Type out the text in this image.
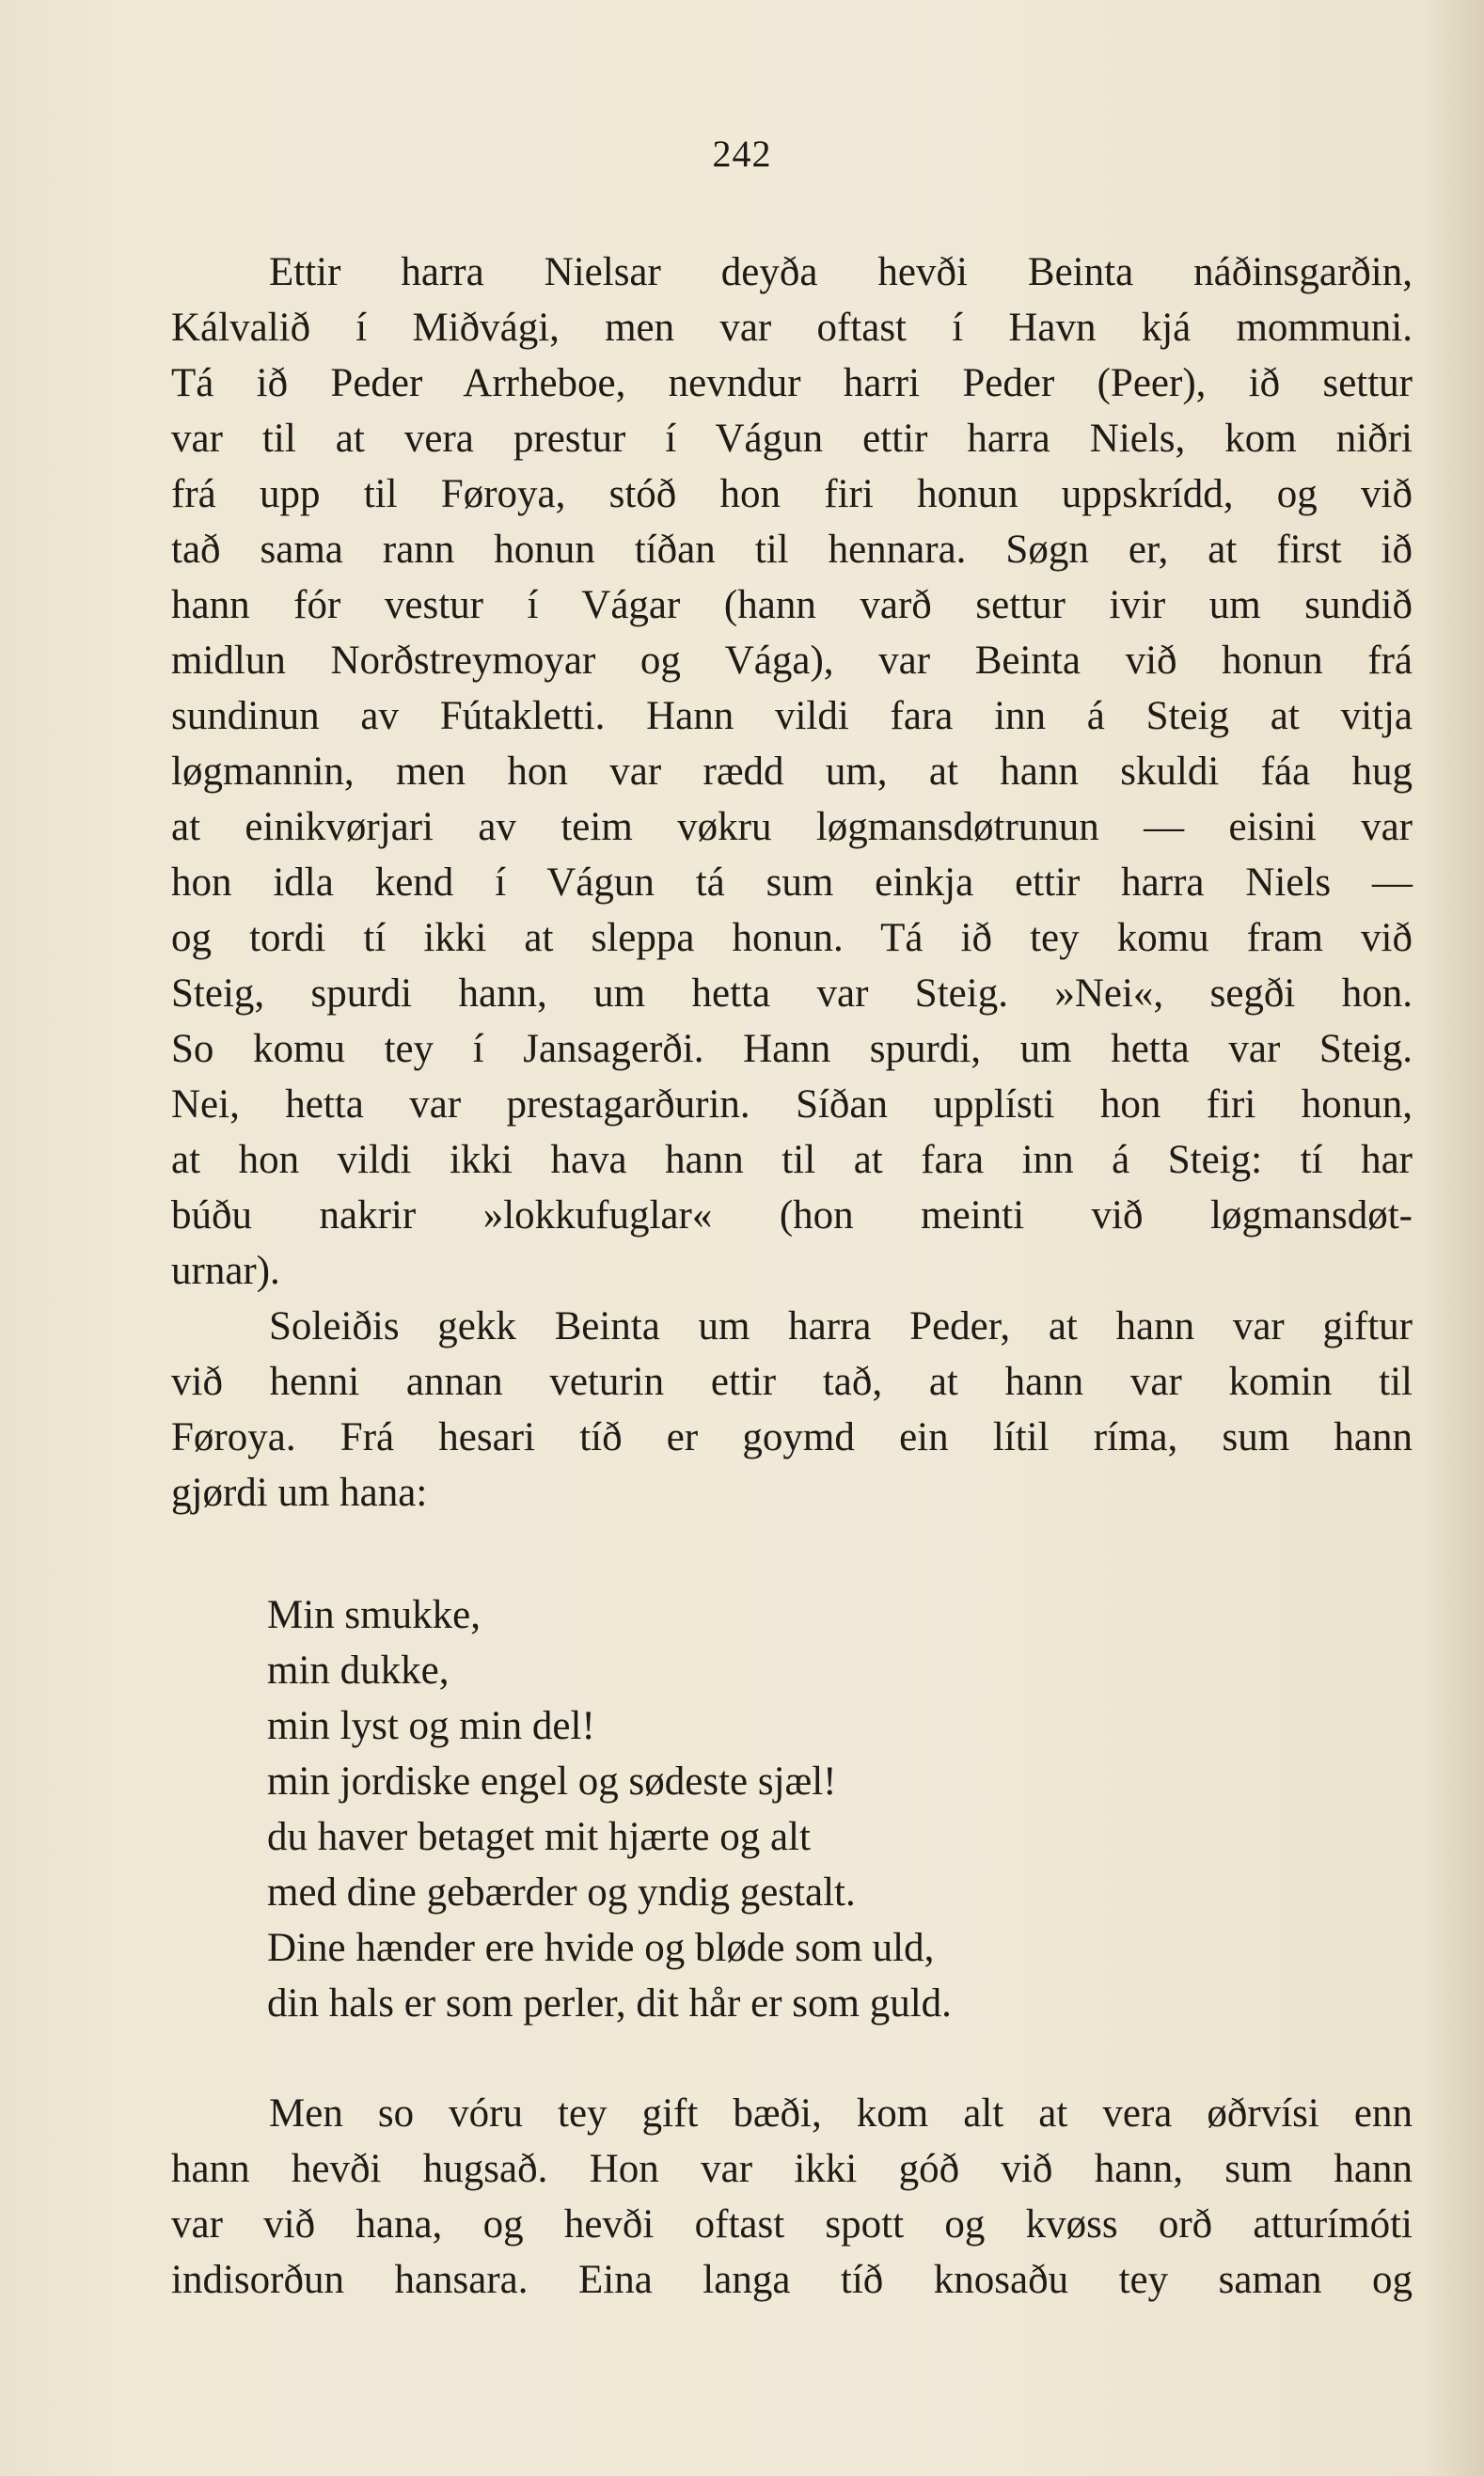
242
Ettir harra Nielsar deyða hevði Beinta náðinsgarðin,
Kálvalið í Miðvági, men var oftast í Havn kjá mommuni.
Tá ið Peder Arrheboe, nevndur harri Peder (Peer), ið settur
var til at vera prestur í Vágun ettir harra Niels, kom niðri
frá upp til Føroya, stóð hon firi honun uppskrídd, og við
tað sama rann honun tíðan til hennara. Søgn er, at first ið
hann fór vestur í Vágar (hann varð settur ivir um sundið
midlun Norðstreymoyar og Vága), var Beinta við honun frá
sundinun av Fútakletti. Hann vildi fara inn á Steig at vitja
løgmannin, men hon var rædd um, at hann skuldi fáa hug
at einikvørjari av teim vøkru løgmansdøtrunun — eisini var
hon idla kend í Vágun tá sum einkja ettir harra Niels —
og tordi tí ikki at sleppa honun. Tá ið tey komu fram við
Steig, spurdi hann, um hetta var Steig. »Nei«, segði hon.
So komu tey í Jansagerði. Hann spurdi, um hetta var Steig.
Nei, hetta var prestagarðurin. Síðan upplísti hon firi honun,
at hon vildi ikki hava hann til at fara inn á Steig: tí har
búðu nakrir »lokkufuglar« (hon meinti við løgmansdøt-
urnar).
Soleiðis gekk Beinta um harra Peder, at hann var giftur
við henni annan veturin ettir tað, at hann var komin til
Føroya. Frá hesari tíð er goymd ein lítil ríma, sum hann
gjørdi um hana:
Min smukke,
min dukke,
min lyst og min del!
min jordiske engel og sødeste sjæl!
du haver betaget mit hjærte og alt
med dine gebærder og yndig gestalt.
Dine hænder ere hvide og bløde som uld,
din hals er som perler, dit hår er som guld.
Men so vóru tey gift bæði, kom alt at vera øðrvísi enn
hann hevði hugsað. Hon var ikki góð við hann, sum hann
var við hana, og hevði oftast spott og kvøss orð atturímóti
indisorðun hansara. Eina langa tíð knosaðu tey saman og
